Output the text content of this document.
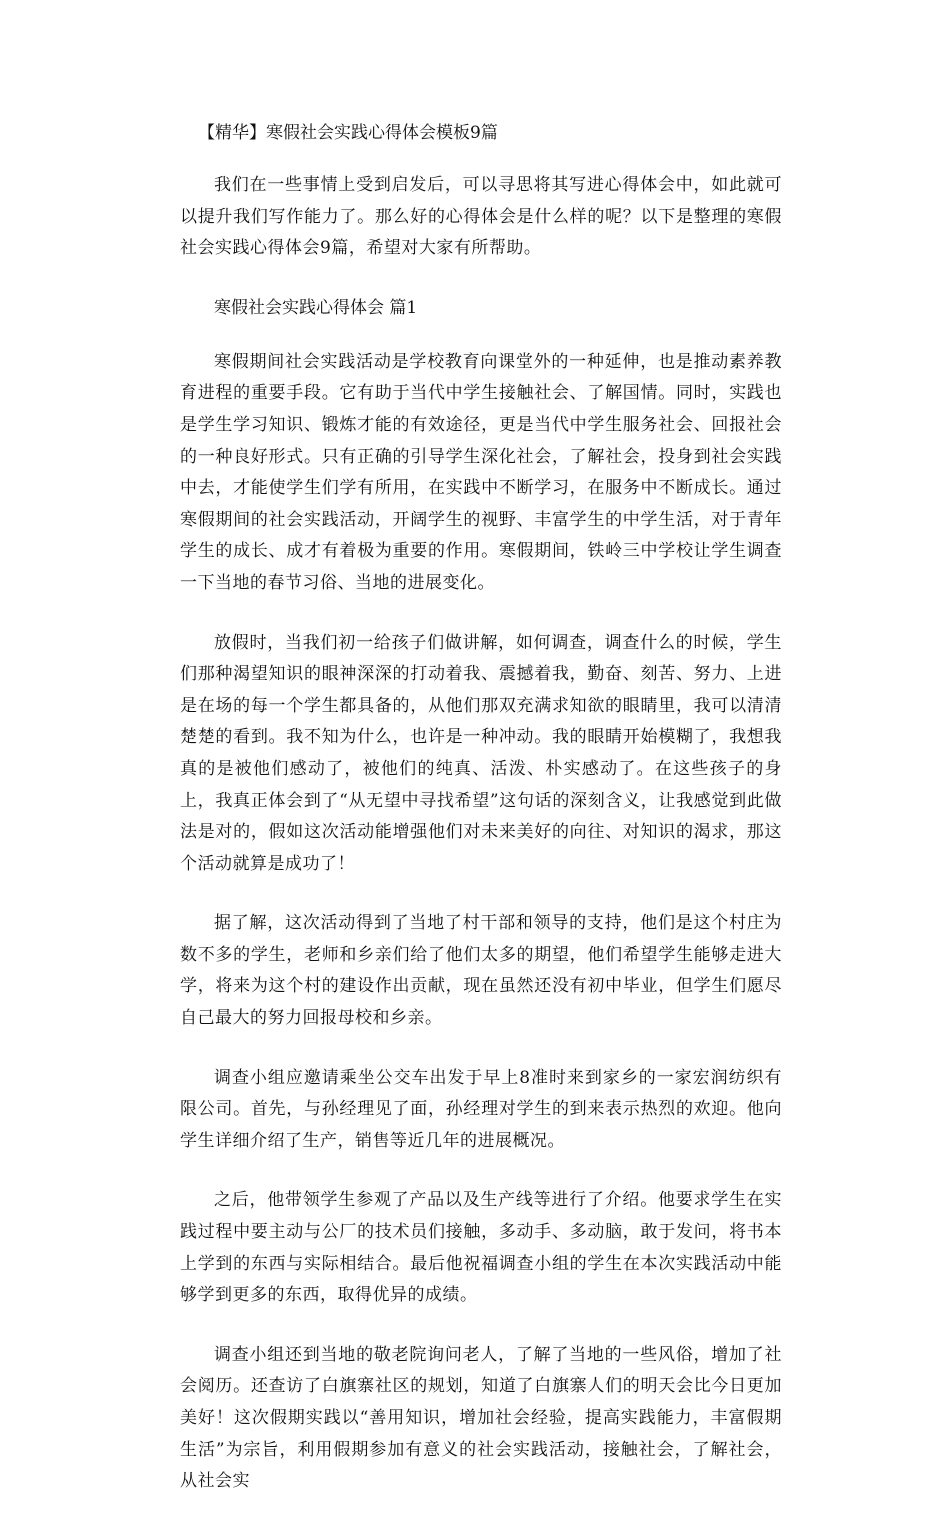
【精华】寒假社会实践心得体会模板9篇
我们在一些事情上受到启发后，可以寻思将其写进心得体会中，如此就可以提升我们写作能力了。那么好的心得体会是什么样的呢？以下是整理的寒假社会实践心得体会9篇，希望对大家有所帮助。
寒假社会实践心得体会 篇1
寒假期间社会实践活动是学校教育向课堂外的一种延伸，也是推动素养教育进程的重要手段。它有助于当代中学生接触社会、了解国情。同时，实践也是学生学习知识、锻炼才能的有效途径，更是当代中学生服务社会、回报社会的一种良好形式。只有正确的引导学生深化社会，了解社会，投身到社会实践中去，才能使学生们学有所用，在实践中不断学习，在服务中不断成长。通过寒假期间的社会实践活动，开阔学生的视野、丰富学生的中学生活，对于青年学生的成长、成才有着极为重要的作用。寒假期间，铁岭三中学校让学生调查一下当地的春节习俗、当地的进展变化。
放假时，当我们初一给孩子们做讲解，如何调查，调查什么的时候，学生们那种渴望知识的眼神深深的打动着我、震撼着我，勤奋、刻苦、努力、上进是在场的每一个学生都具备的，从他们那双充满求知欲的眼睛里，我可以清清楚楚的看到。我不知为什么，也许是一种冲动。我的眼睛开始模糊了，我想我真的是被他们感动了，被他们的纯真、活泼、朴实感动了。在这些孩子的身上，我真正体会到了“从无望中寻找希望”这句话的深刻含义，让我感觉到此做法是对的，假如这次活动能增强他们对未来美好的向往、对知识的渴求，那这个活动就算是成功了！
据了解，这次活动得到了当地了村干部和领导的支持，他们是这个村庄为数不多的学生，老师和乡亲们给了他们太多的期望，他们希望学生能够走进大学，将来为这个村的建设作出贡献，现在虽然还没有初中毕业，但学生们愿尽自己最大的努力回报母校和乡亲。
调查小组应邀请乘坐公交车出发于早上8准时来到家乡的一家宏润纺织有限公司。首先，与孙经理见了面，孙经理对学生的到来表示热烈的欢迎。他向学生详细介绍了生产，销售等近几年的进展概况。
之后，他带领学生参观了产品以及生产线等进行了介绍。他要求学生在实践过程中要主动与公厂的技术员们接触，多动手、多动脑，敢于发问，将书本上学到的东西与实际相结合。最后他祝福调查小组的学生在本次实践活动中能够学到更多的东西，取得优异的成绩。
调查小组还到当地的敬老院询问老人，了解了当地的一些风俗，增加了社会阅历。还查访了白旗寨社区的规划，知道了白旗寨人们的明天会比今日更加美好！这次假期实践以“善用知识，增加社会经验，提高实践能力，丰富假期生活”为宗旨，利用假期参加有意义的社会实践活动，接触社会，了解社会，从社会实
